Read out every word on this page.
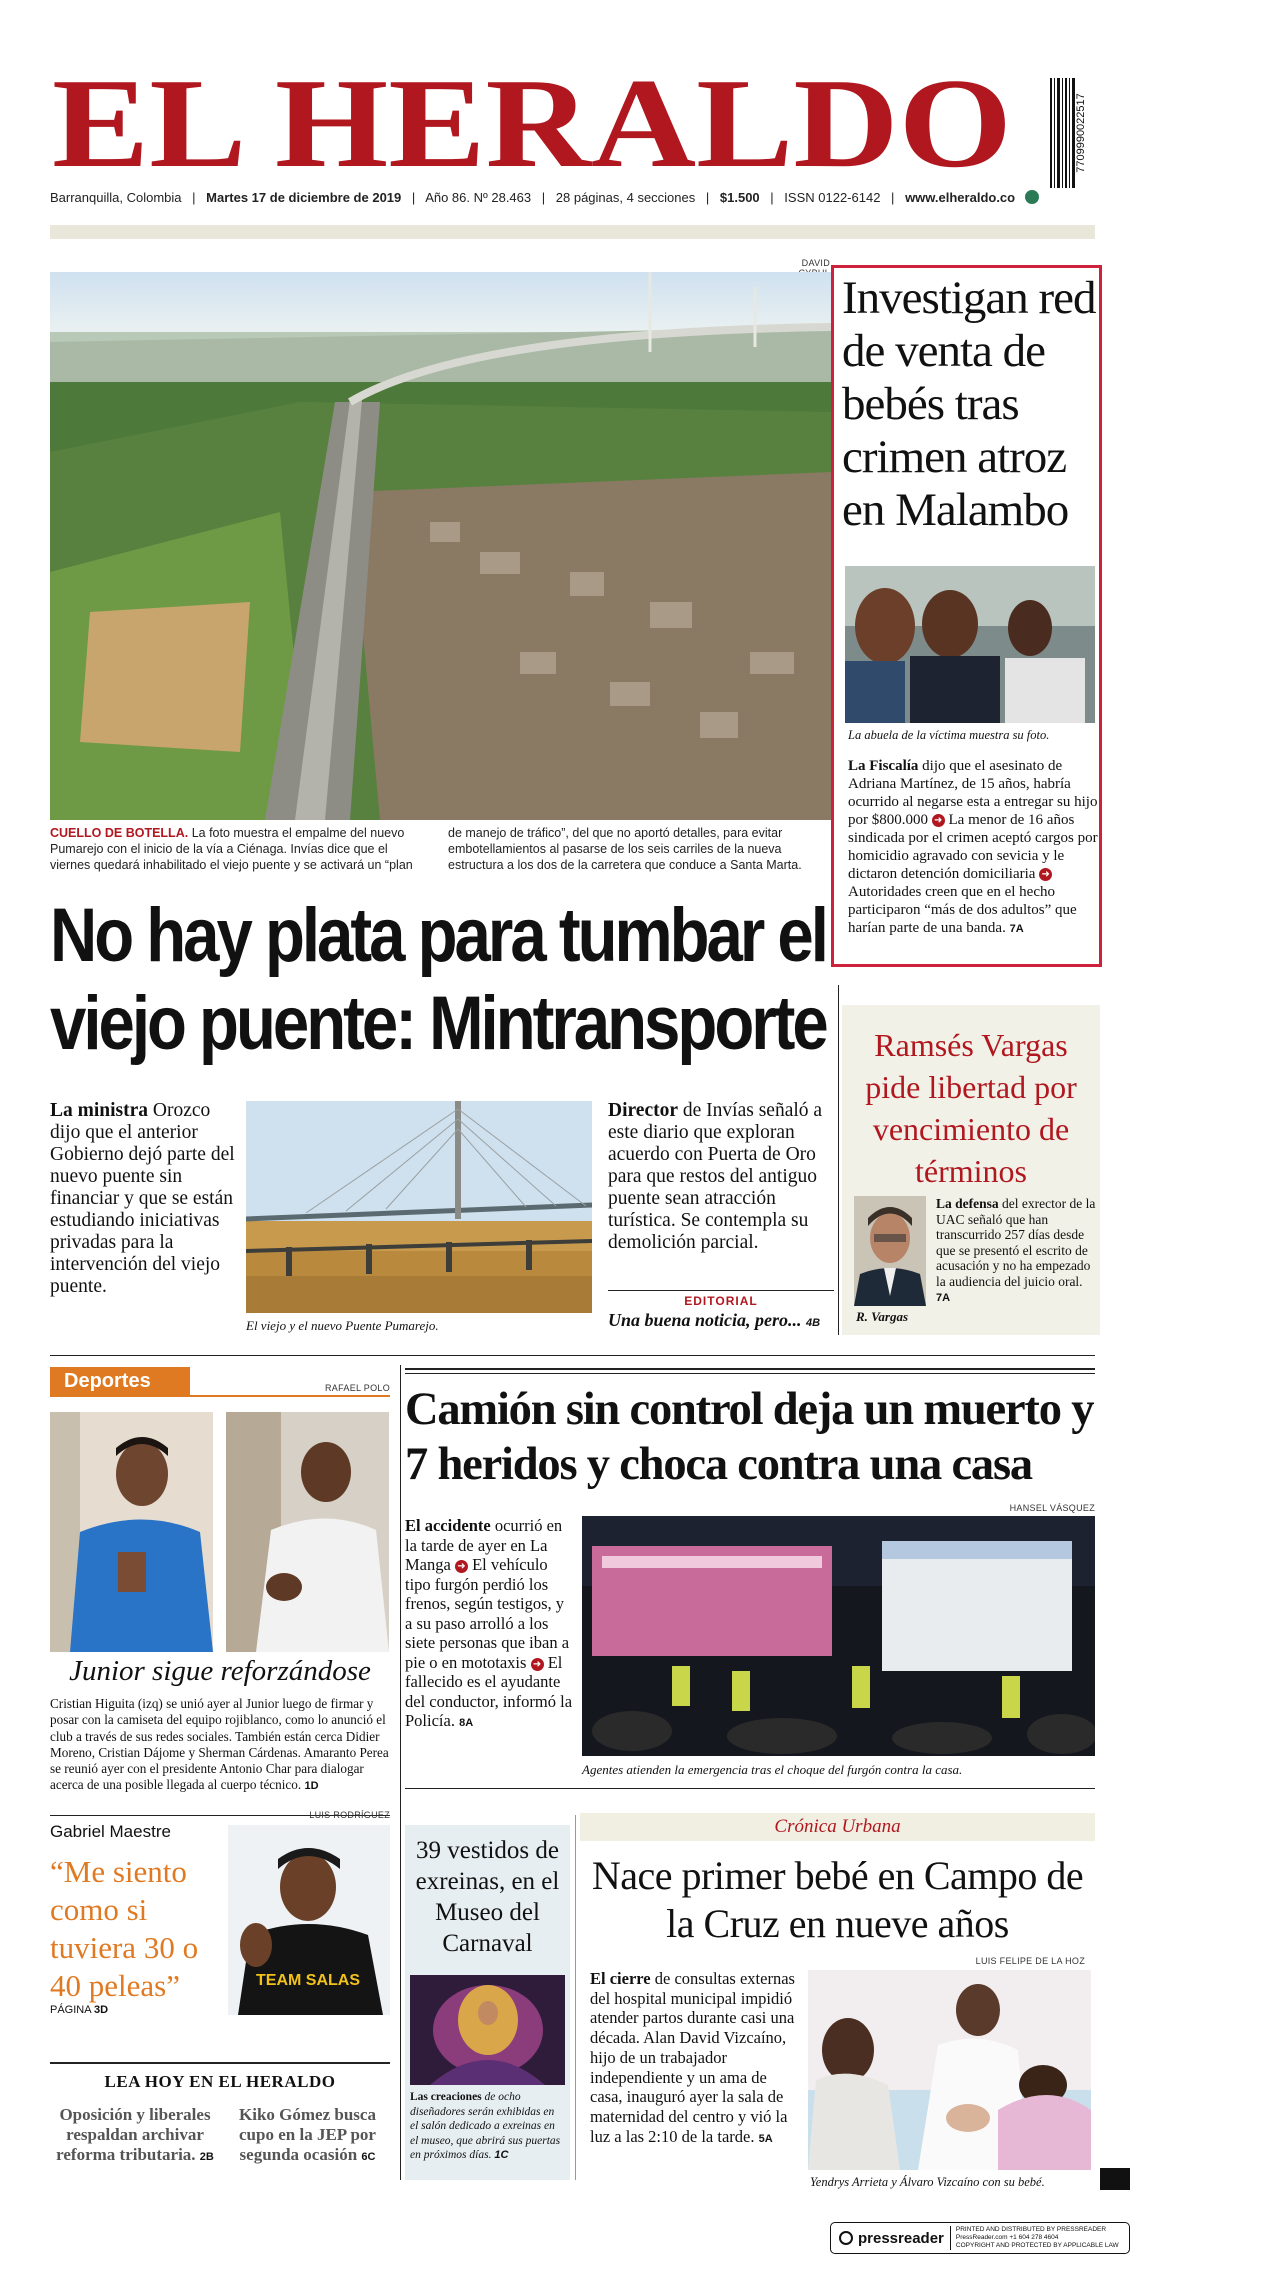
EL HERALDO	7709990022517
Barranquilla, Colombia | Martes 17 de diciembre de 2019 | Año 86. Nº 28.463 | 28 páginas, 4 secciones | $1.500 | ISSN 0122-6142 | www.elheraldo.co
DAVID
CUELLO DE BOTELLA. La foto muestra el empalme del nuevo Pumarejo con el inicio de la vía a Ciénaga. Invías dice que el viernes quedará inhabilitado el viejo puente y se activará un “plan
de manejo de tráfico”, del que no aportó detalles, para evitar embotellamientos al pasarse de los seis carriles de la nueva estructura a los dos de la carretera que conduce a Santa Marta.
Investigan red de venta de bebés tras crimen atroz en Malambo
La abuela de la víctima muestra su foto.
La Fiscalía dijo que el asesinato de Adriana Martínez, de 15 años, habría ocurrido al negarse esta a entregar su hijo por $800.000 ➜ La menor de 16 años sindicada por el crimen aceptó cargos por homicidio agravado con sevicia y le dictaron detención domiciliaria ➜ Autoridades creen que en el hecho participaron “más de dos adultos” que harían parte de una banda. 7A
No hay plata para tumbar el viejo puente: Mintransporte
La ministra Orozco dijo que el anterior Gobierno dejó parte del nuevo puente sin financiar y que se están estudiando iniciativas privadas para la intervención del viejo puente.
El viejo y el nuevo Puente Pumarejo.
Director de Invías señaló a este diario que exploran acuerdo con Puerta de Oro para que restos del antiguo puente sean atracción turística. Se contempla su demolición parcial.
EDITORIAL
Una buena noticia, pero... 4B
Ramsés Vargas pide libertad por vencimiento de términos
R. Vargas
La defensa del exrector de la UAC señaló que han transcurrido 257 días desde que se presentó el escrito de acusación y no ha empezado la audiencia del juicio oral. 7A
Deportes	RAFAEL POLO
Junior sigue reforzándose
Cristian Higuita (izq) se unió ayer al Junior luego de firmar y posar con la camiseta del equipo rojiblanco, como lo anunció el club a través de sus redes sociales. También están cerca Didier Moreno, Cristian Dájome y Sherman Cárdenas. Amaranto Perea se reunió ayer con el presidente Antonio Char para dialogar acerca de una posible llegada al cuerpo técnico. 1D
Camión sin control deja un muerto y 7 heridos y choca contra una casa
HANSEL VÁSQUEZ
El accidente ocurrió en la tarde de ayer en La Manga ➜ El vehículo tipo furgón perdió los frenos, según testigos, y a su paso arrolló a los siete personas que iban a pie o en mototaxis ➜ El fallecido es el ayudante del conductor, informó la Policía. 8A
Agentes atienden la emergencia tras el choque del furgón contra la casa.
Gabriel Maestre
LUIS RODRÍGUEZ
“Me siento como si tuviera 30 o 40 peleas”
PÁGINA 3D
TEAM SALAS
LEA HOY EN EL HERALDO
Oposición y liberales respaldan archivar reforma tributaria. 2B
Kiko Gómez busca cupo en la JEP por segunda ocasión 6C
39 vestidos de exreinas, en el Museo del Carnaval
Las creaciones de ocho diseñadores serán exhibidas en el salón dedicado a exreinas en el museo, que abrirá sus puertas en próximos días. 1C
Crónica Urbana
Nace primer bebé en Campo de la Cruz en nueve años
LUIS FELIPE DE LA HOZ
El cierre de consultas externas del hospital municipal impidió atender partos durante casi una década. Alan David Vizcaíno, hijo de un trabajador independiente y un ama de casa, inauguró ayer la sala de maternidad del centro y vió la luz a las 2:10 de la tarde. 5A
Yendrys Arrieta y Álvaro Vizcaíno con su bebé.
pressreader	PRINTED AND DISTRIBUTED BY PRESSREADER
PressReader.com +1 604 278 4604
COPYRIGHT AND PROTECTED BY APPLICABLE LAW
